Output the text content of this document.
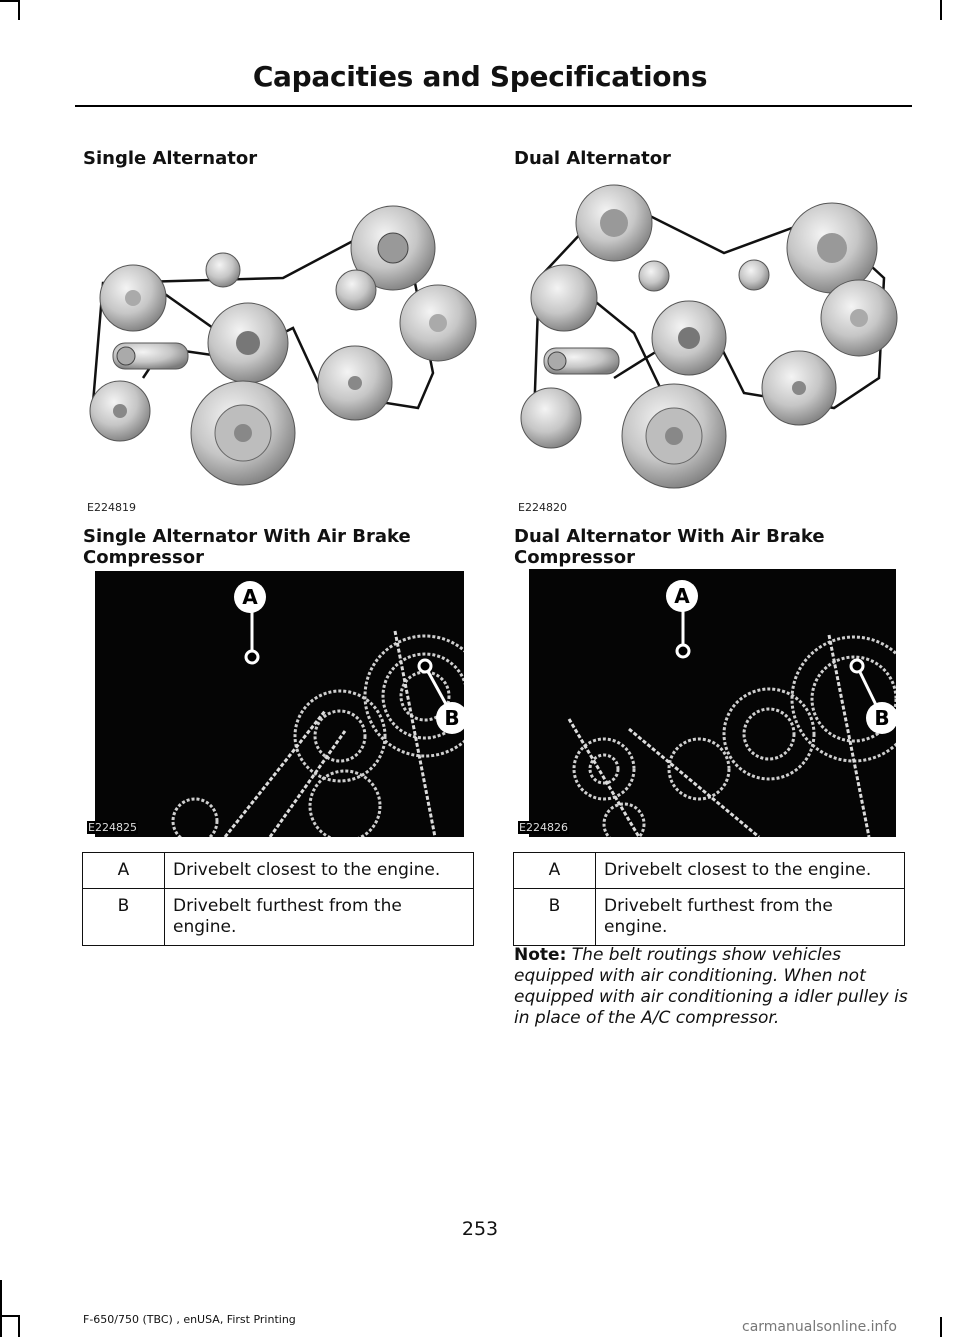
Capacities and Specifications
Single Alternator
E224819
Dual Alternator
E224820
Single Alternator With Air Brake Compressor
A
B
E224825
Dual Alternator With Air Brake Compressor
A
B
E224826
A	Drivebelt closest to the engine.
B	Drivebelt furthest from the engine.
A	Drivebelt closest to the engine.
B	Drivebelt furthest from the engine.
Note: The belt routings show vehicles equipped with air conditioning. When not equipped with air conditioning a idler pulley is in place of the A/C compressor.
253
F-650/750 (TBC) , enUSA, First Printing	carmanualsonline.info
